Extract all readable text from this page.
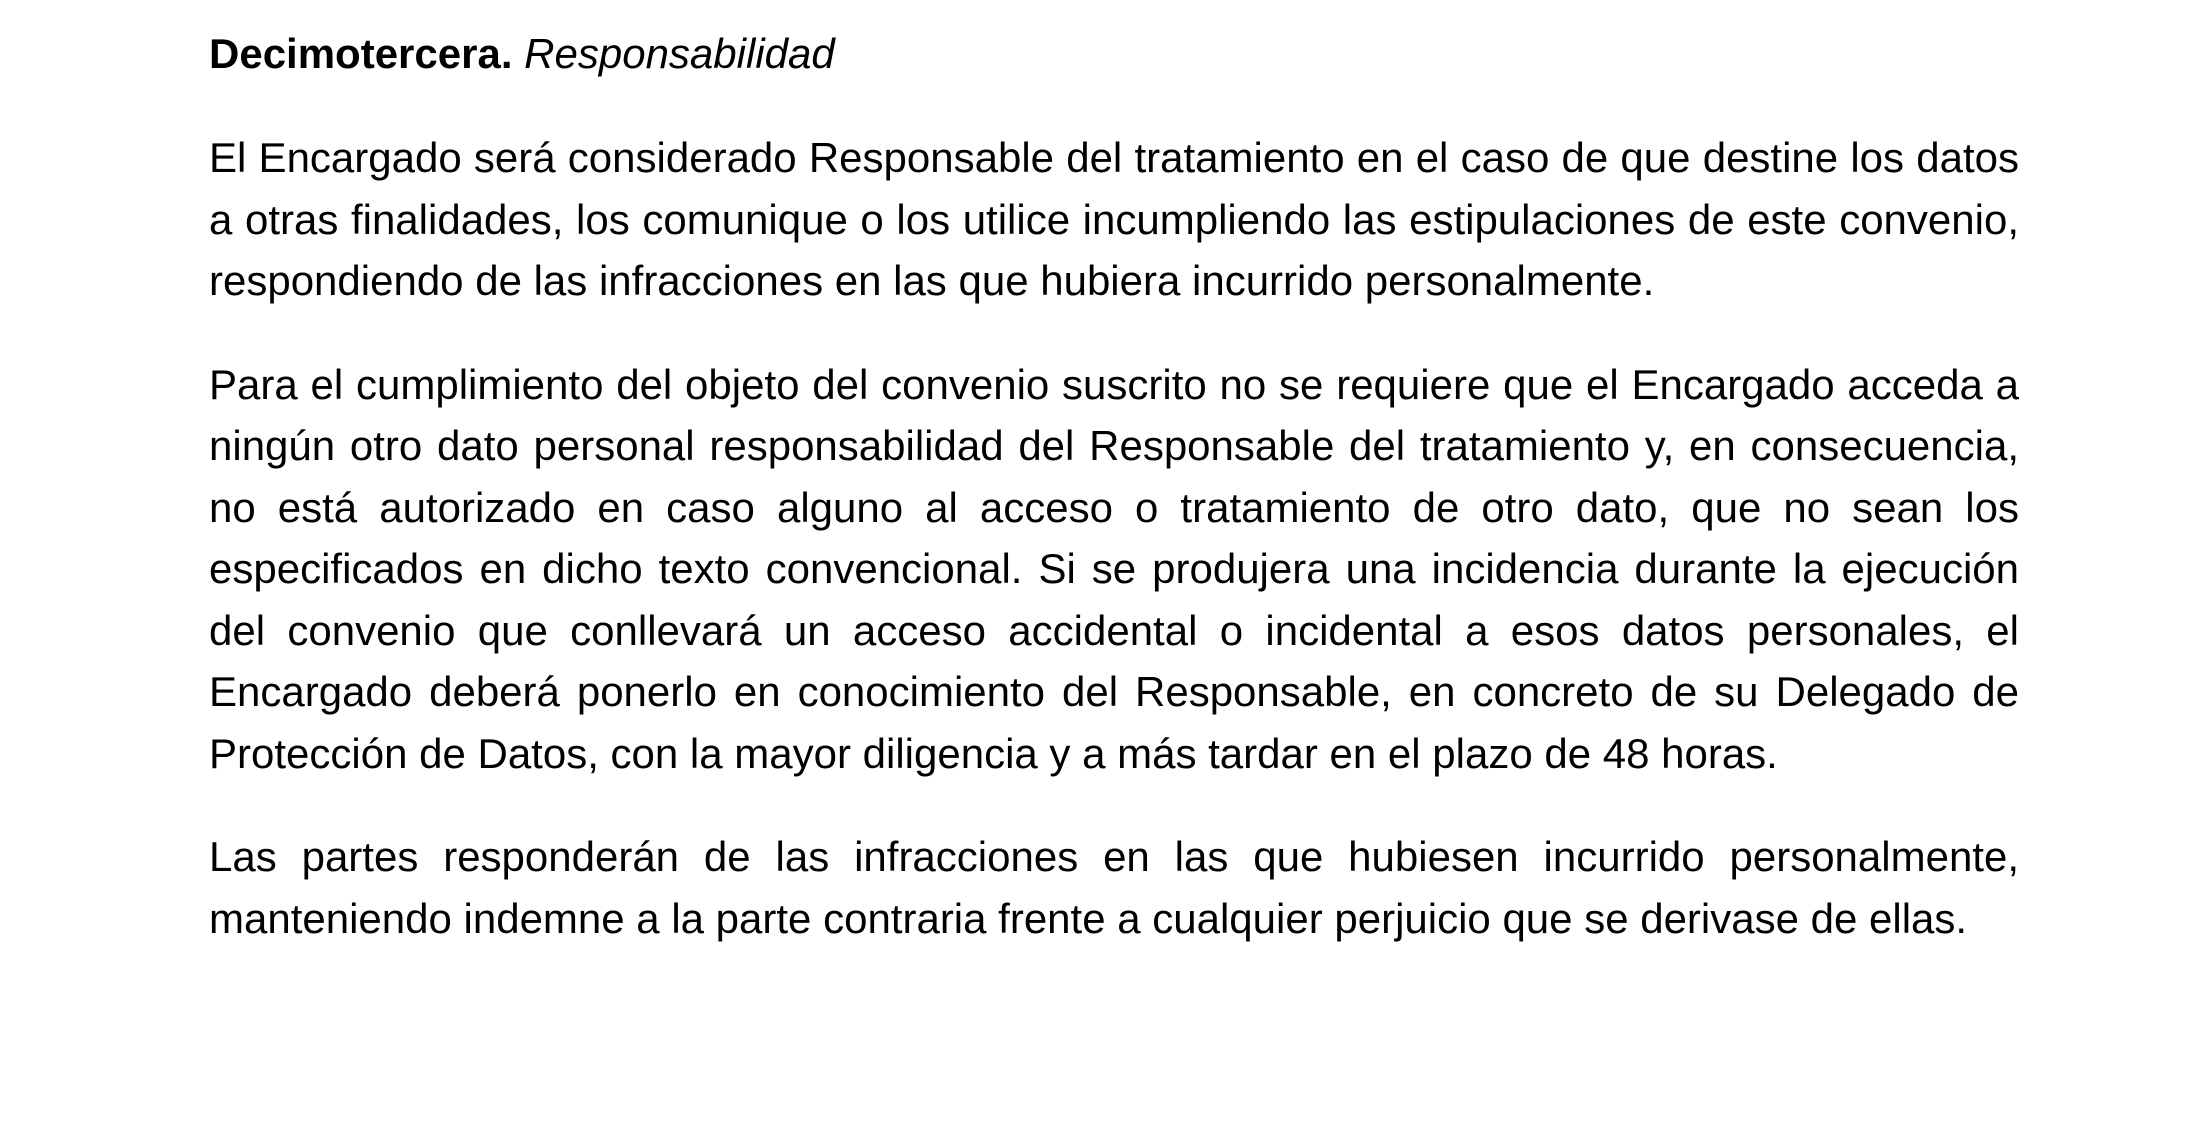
Decimotercera. Responsabilidad

El Encargado será considerado Responsable del tratamiento en el caso de que destine los datos a otras finalidades, los comunique o los utilice incumpliendo las estipulaciones de este convenio, respondiendo de las infracciones en las que hubiera incurrido personalmente.

Para el cumplimiento del objeto del convenio suscrito no se requiere que el Encargado acceda a ningún otro dato personal responsabilidad del Responsable del tratamiento y, en consecuencia, no está autorizado en caso alguno al acceso o tratamiento de otro dato, que no sean los especificados en dicho texto convencional. Si se produjera una incidencia durante la ejecución del convenio que conllevará un acceso accidental o incidental a esos datos personales, el Encargado deberá ponerlo en conocimiento del Responsable, en concreto de su Delegado de Protección de Datos, con la mayor diligencia y a más tardar en el plazo de 48 horas.

Las partes responderán de las infracciones en las que hubiesen incurrido personalmente, manteniendo indemne a la parte contraria frente a cualquier perjuicio que se derivase de ellas.
